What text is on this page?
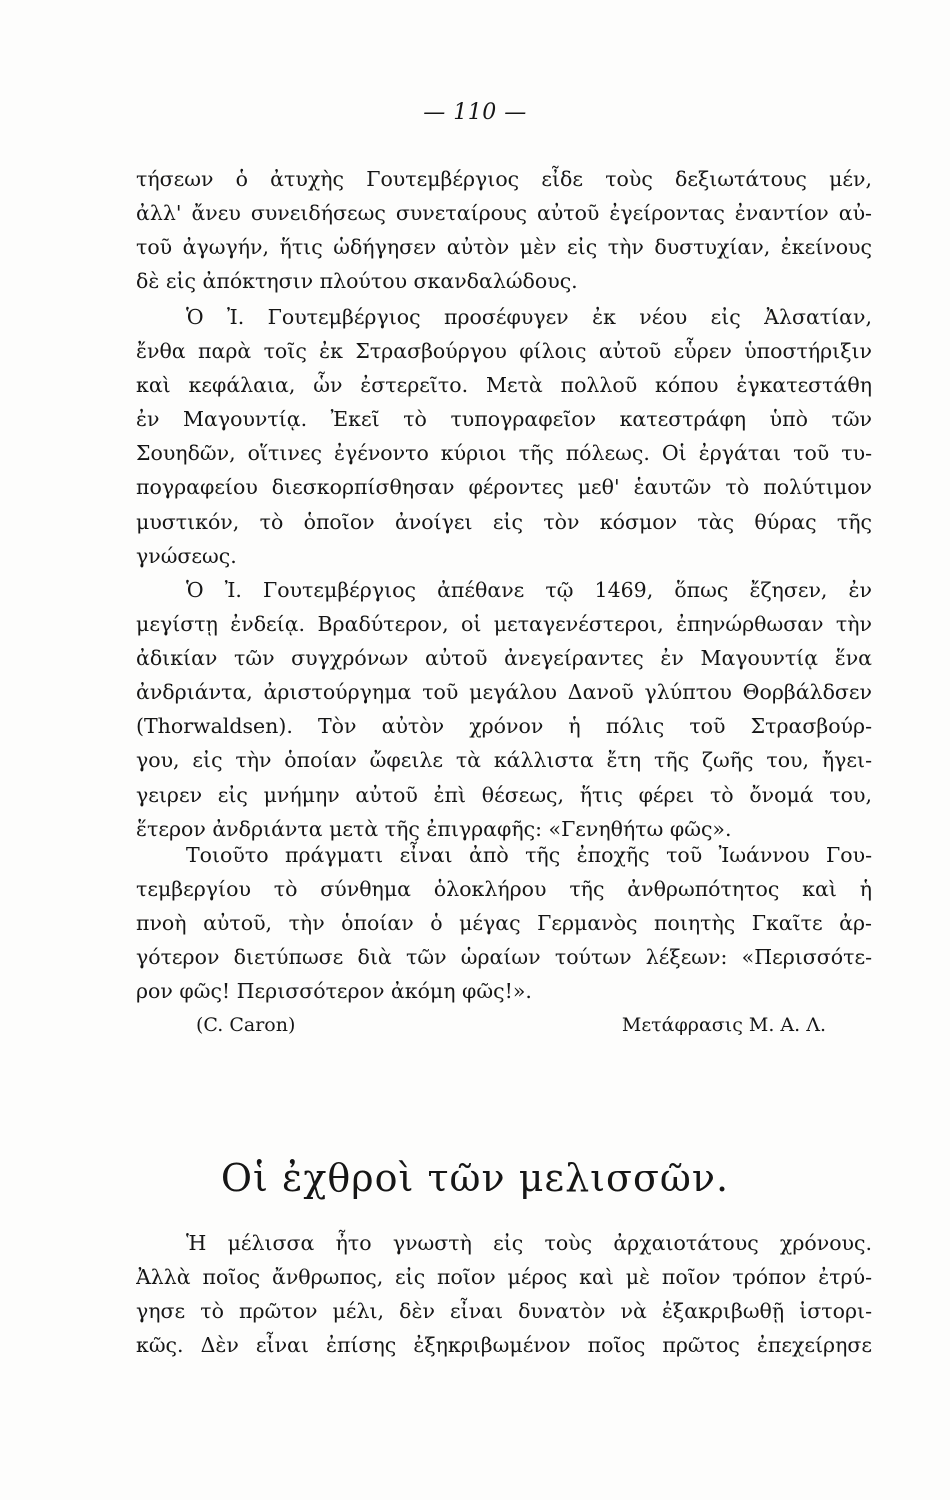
— 110 —
τήσεων ὁ ἀτυχὴς Γουτεμβέργιος εἶδε τοὺς δεξιωτάτους μέν,
ἀλλ' ἄνευ συνειδήσεως συνεταίρους αὐτοῦ ἐγείροντας ἐναντίον αὐ-
τοῦ ἀγωγήν, ἥτις ὡδήγησεν αὐτὸν μὲν εἰς τὴν δυστυχίαν, ἐκείνους
δὲ εἰς ἀπόκτησιν πλούτου σκανδαλώδους.
Ὁ Ἰ. Γουτεμβέργιος προσέφυγεν ἐκ νέου εἰς Ἀλσατίαν,
ἔνθα παρὰ τοῖς ἐκ Στρασβούργου φίλοις αὐτοῦ εὗρεν ὑποστήριξιν
καὶ κεφάλαια, ὧν ἐστερεῖτο. Μετὰ πολλοῦ κόπου ἐγκατεστάθη
ἐν Μαγουντίᾳ. Ἐκεῖ τὸ τυπογραφεῖον κατεστράφη ὑπὸ τῶν
Σουηδῶν, οἵτινες ἐγένοντο κύριοι τῆς πόλεως. Οἱ ἐργάται τοῦ τυ-
πογραφείου διεσκορπίσθησαν φέροντες μεθ' ἑαυτῶν τὸ πολύτιμον
μυστικόν, τὸ ὁποῖον ἀνοίγει εἰς τὸν κόσμον τὰς θύρας τῆς
γνώσεως.
Ὁ Ἰ. Γουτεμβέργιος ἀπέθανε τῷ 1469, ὅπως ἔζησεν, ἐν
μεγίστῃ ἐνδείᾳ. Βραδύτερον, οἱ μεταγενέστεροι, ἐπηνώρθωσαν τὴν
ἀδικίαν τῶν συγχρόνων αὐτοῦ ἀνεγείραντες ἐν Μαγουντίᾳ ἕνα
ἀνδριάντα, ἀριστούργημα τοῦ μεγάλου Δανοῦ γλύπτου Θορβάλδσεν
(Thorwaldsen). Τὸν αὐτὸν χρόνον ἡ πόλις τοῦ Στρασβούρ-
γου, εἰς τὴν ὁποίαν ὤφειλε τὰ κάλλιστα ἔτη τῆς ζωῆς του, ἤγει-
γειρεν εἰς μνήμην αὐτοῦ ἐπὶ θέσεως, ἥτις φέρει τὸ ὄνομά του,
ἕτερον ἀνδριάντα μετὰ τῆς ἐπιγραφῆς: «Γενηθήτω φῶς».
Τοιοῦτο πράγματι εἶναι ἀπὸ τῆς ἐποχῆς τοῦ Ἰωάννου Γου-
τεμβεργίου τὸ σύνθημα ὁλοκλήρου τῆς ἀνθρωπότητος καὶ ἡ
πνοὴ αὐτοῦ, τὴν ὁποίαν ὁ μέγας Γερμανὸς ποιητὴς Γκαῖτε ἀρ-
γότερον διετύπωσε διὰ τῶν ὡραίων τούτων λέξεων: «Περισσότε-
ρον φῶς! Περισσότερον ἀκόμη φῶς!».
(C. Caron)	Μετάφρασις Μ. Α. Λ.
Οἱ ἐχθροὶ τῶν μελισσῶν.
Ἡ μέλισσα ἦτο γνωστὴ εἰς τοὺς ἀρχαιοτάτους χρόνους.
Ἀλλὰ ποῖος ἄνθρωπος, εἰς ποῖον μέρος καὶ μὲ ποῖον τρόπον ἐτρύ-
γησε τὸ πρῶτον μέλι, δὲν εἶναι δυνατὸν νὰ ἐξακριβωθῇ ἱστορι-
κῶς. Δὲν εἶναι ἐπίσης ἐξηκριβωμένον ποῖος πρῶτος ἐπεχείρησε
